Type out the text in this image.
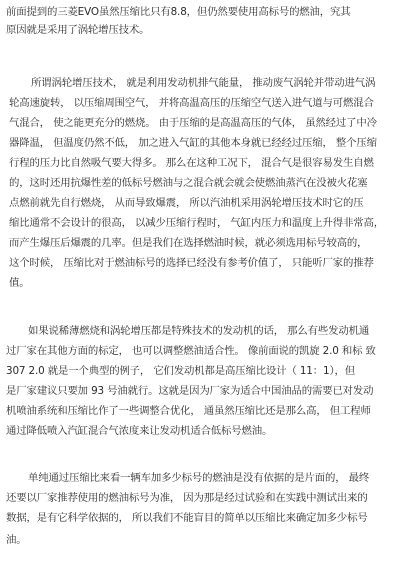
前面提到的三菱EVO虽然压缩比只有8.8，但仍然要使用高标号的燃油，究其
原因就是采用了涡轮增压技术。
所谓涡轮增压技术， 就是利用发动机排气能量， 推动废气涡轮并带动进气涡
轮高速旋转， 以压缩周围空气， 并将高温高压的压缩空气送入进气道与可燃混合
气混合， 使之能更充分的燃烧。 由于压缩的是高温高压的气体， 虽然经过了中冷
器降温， 但温度仍然不低， 加之进入气缸的其他本身就已经经过压缩， 整个压缩
行程的压力比自然吸气要大得多。 那么在这种工况下， 混合气是很容易发生自燃
的，这时还用抗爆性差的低标号燃油与之混合就会就会使燃油蒸汽在没被火花塞
点燃前就先自行燃烧， 从而导致爆震， 所以汽油机采用涡轮增压技术时它的压
缩比通常不会设计的很高， 以减少压缩行程时， 气缸内压力和温度上升得非常高，
而产生爆压后爆震的几率。但是我们在选择燃油时候，就必须选用标号较高的，
这个时候， 压缩比对于燃油标号的选择已经没有参考价值了， 只能听厂家的推荐
值。
如果说稀薄燃烧和涡轮增压都是特殊技术的发动机的话， 那么有些发动机通
过厂家在其他方面的标定， 也可以调整燃油适合性。 像前面说的凯旋 2.0 和标 致
307 2.0 就是一个典型的例子， 它们发动机都是高压缩比设计（ 11：1），但
是厂家建议只要加 93 号油就行。这就是因为厂家为适合中国油品的需要已对发动
机喷油系统和压缩比作了一些调整合优化， 通虽然压缩比还是那么高， 但工程师
通过降低喷入汽缸混合气浓度来让发动机适合低标号燃油。
单纯通过压缩比来看一辆车加多少标号的燃油是没有依据的是片面的， 最终
还要以厂家推荐使用的燃油标号为准， 因为那是经过试验和在实践中测试出来的
数据，是有它科学依据的， 所以我们不能盲目的简单以压缩比来确定加多少标号
油。
